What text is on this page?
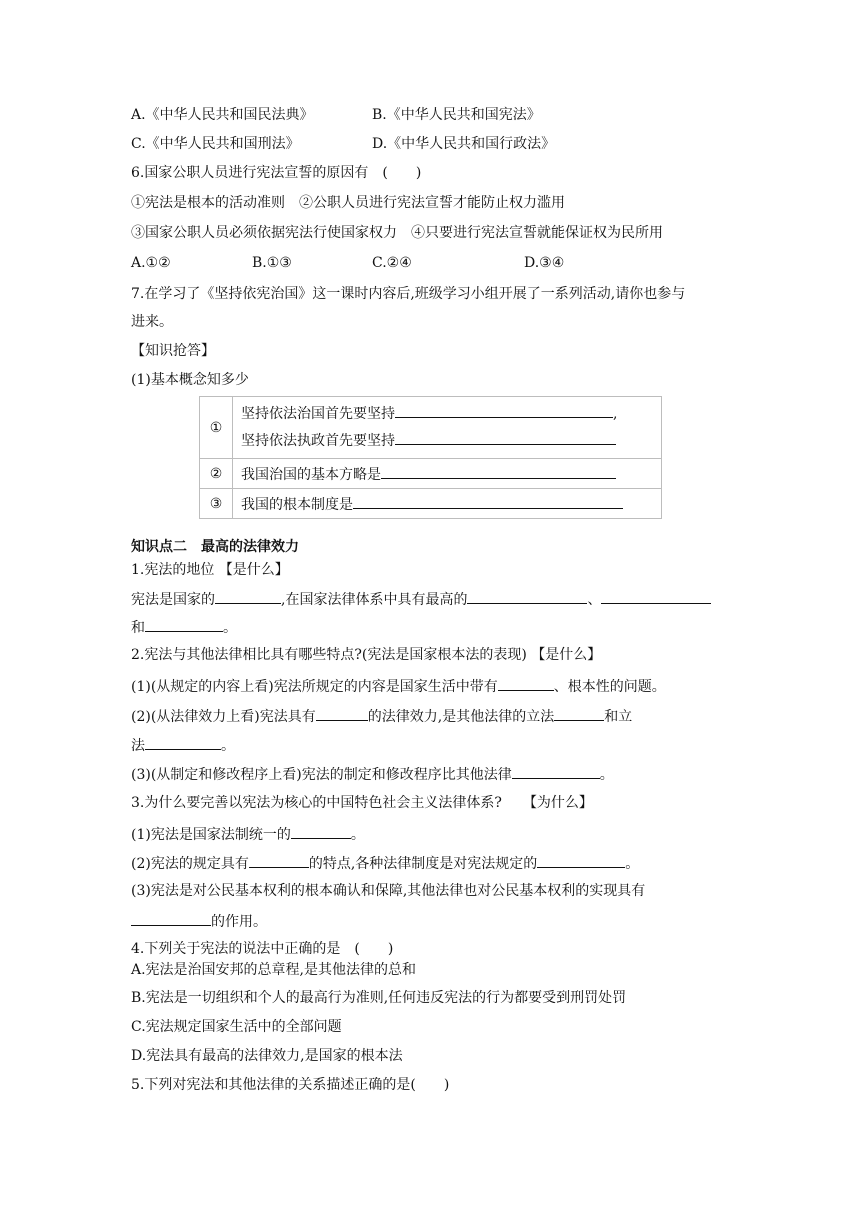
A.《中华人民共和国民法典》	B.《中华人民共和国宪法》
C.《中华人民共和国刑法》	D.《中华人民共和国行政法》
6.国家公职人员进行宪法宣誓的原因有　(　　)
①宪法是根本的活动准则　②公职人员进行宪法宣誓才能防止权力滥用
③国家公职人员必须依据宪法行使国家权力　④只要进行宪法宣誓就能保证权为民所用
A.①②	B.①③	C.②④	D.③④
7.在学习了《坚持依宪治国》这一课时内容后,班级学习小组开展了一系列活动,请你也参与
进来。
【知识抢答】
(1)基本概念知多少
①	坚持依法治国首先要坚持 ,
坚持依法执政首先要坚持

②	我国治国的基本方略是
③	我国的根本制度是
知识点二　最高的法律效力
1.宪法的地位 【是什么】
宪法是国家的	,在国家法律体系中具有最高的	、
和	。
2.宪法与其他法律相比具有哪些特点?(宪法是国家根本法的表现) 【是什么】
(1)(从规定的内容上看)宪法所规定的内容是国家生活中带有	、根本性的问题。
(2)(从法律效力上看)宪法具有	的法律效力,是其他法律的立法	和立
法	。
(3)(从制定和修改程序上看)宪法的制定和修改程序比其他法律	。
3.为什么要完善以宪法为核心的中国特色社会主义法律体系?　　【为什么】
(1)宪法是国家法制统一的	。
(2)宪法的规定具有	的特点,各种法律制度是对宪法规定的	。
(3)宪法是对公民基本权利的根本确认和保障,其他法律也对公民基本权利的实现具有
的作用。
4.下列关于宪法的说法中正确的是　(　　)
A.宪法是治国安邦的总章程,是其他法律的总和
B.宪法是一切组织和个人的最高行为准则,任何违反宪法的行为都要受到刑罚处罚
C.宪法规定国家生活中的全部问题
D.宪法具有最高的法律效力,是国家的根本法
5.下列对宪法和其他法律的关系描述正确的是(　　)
